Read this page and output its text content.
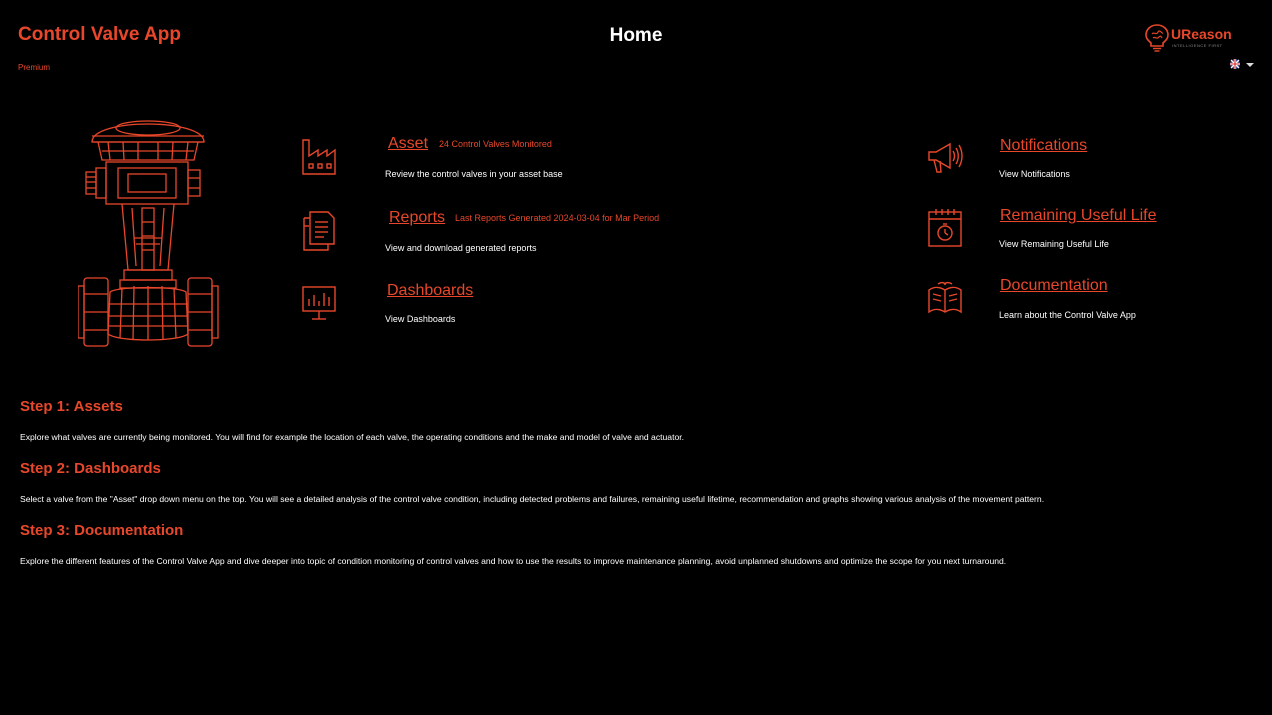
Control Valve App
Premium
Home	UReason
INTELLIGENCE FIRST
Asset 24 Control Valves Monitored
Review the control valves in your asset base
Reports Last Reports Generated 2024-03-04 for Mar Period
View and download generated reports
Dashboards
View Dashboards
Notifications
View Notifications
Remaining Useful Life
View Remaining Useful Life
Documentation
Learn about the Control Valve App
Step 1: Assets
Explore what valves are currently being monitored. You will find for example the location of each valve, the operating conditions and the make and model of valve and actuator.
Step 2: Dashboards
Select a valve from the "Asset" drop down menu on the top. You will see a detailed analysis of the control valve condition, including detected problems and failures, remaining useful lifetime, recommendation and graphs showing various analysis of the movement pattern.
Step 3: Documentation
Explore the different features of the Control Valve App and dive deeper into topic of condition monitoring of control valves and how to use the results to improve maintenance planning, avoid unplanned shutdowns and optimize the scope for you next turnaround.
